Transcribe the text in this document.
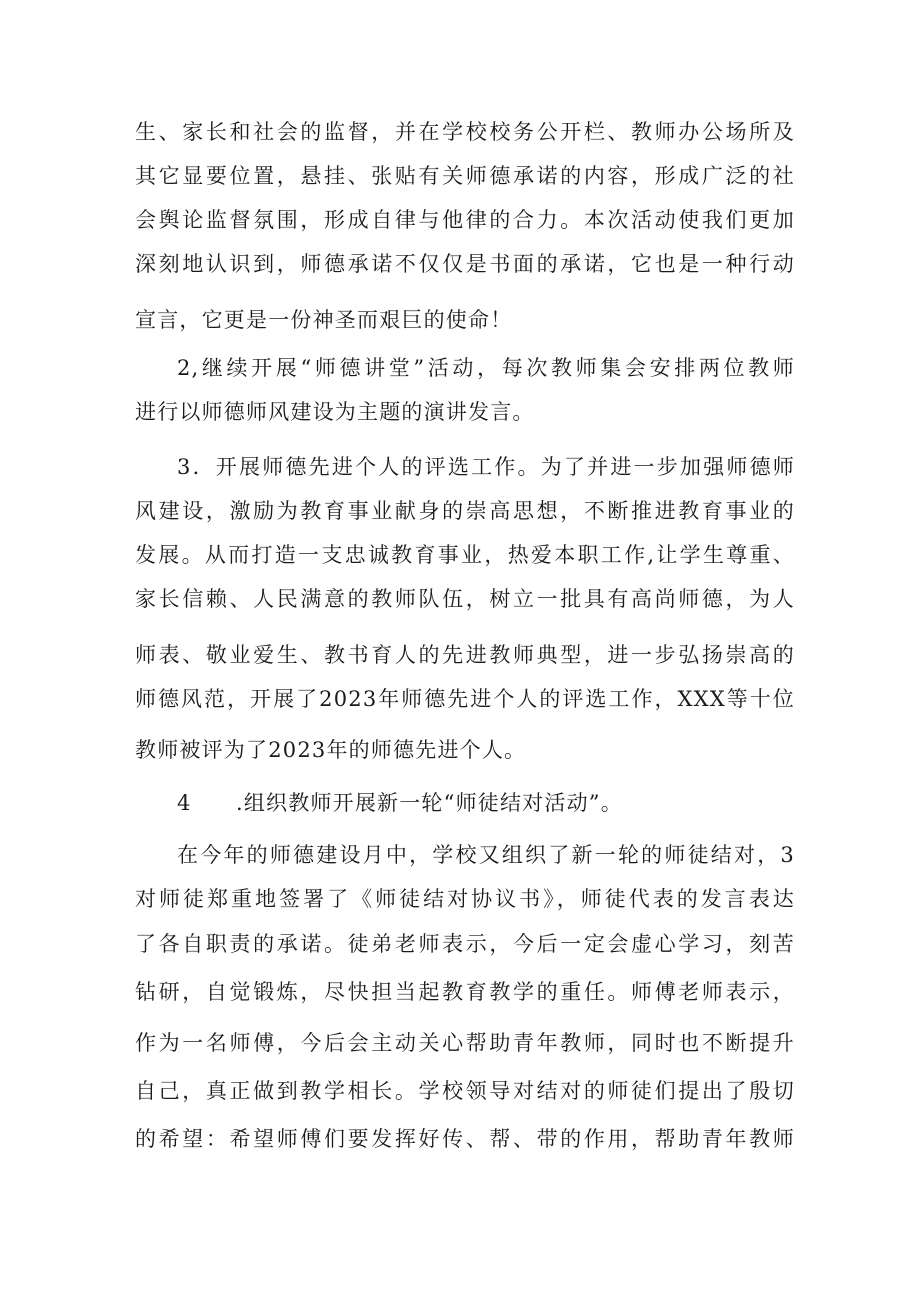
生、家长和社会的监督，并在学校校务公开栏、教师办公场所及
其它显要位置，悬挂、张贴有关师德承诺的内容，形成广泛的社
会舆论监督氛围，形成自律与他律的合力。本次活动使我们更加
深刻地认识到，师德承诺不仅仅是书面的承诺，它也是一种行动
宣言，它更是一份神圣而艰巨的使命！
2,继续开展“师德讲堂”活动，每次教师集会安排两位教师
进行以师德师风建设为主题的演讲发言。
3．开展师德先进个人的评选工作。为了并进一步加强师德师
风建设，激励为教育事业献身的崇高思想，不断推进教育事业的
发展。从而打造一支忠诚教育事业，热爱本职工作,让学生尊重、
家长信赖、人民满意的教师队伍，树立一批具有高尚师德，为人
师表、敬业爱生、教书育人的先进教师典型，进一步弘扬崇高的
师德风范，开展了2023年师德先进个人的评选工作，XXX等十位
教师被评为了2023年的师德先进个人。
4　　.组织教师开展新一轮“师徒结对活动”。
在今年的师德建设月中，学校又组织了新一轮的师徒结对，3
对师徒郑重地签署了《师徒结对协议书》，师徒代表的发言表达
了各自职责的承诺。徒弟老师表示，今后一定会虚心学习，刻苦
钻研，自觉锻炼，尽快担当起教育教学的重任。师傅老师表示，
作为一名师傅，今后会主动关心帮助青年教师，同时也不断提升
自己，真正做到教学相长。学校领导对结对的师徒们提出了殷切
的希望：希望师傅们要发挥好传、帮、带的作用，帮助青年教师
